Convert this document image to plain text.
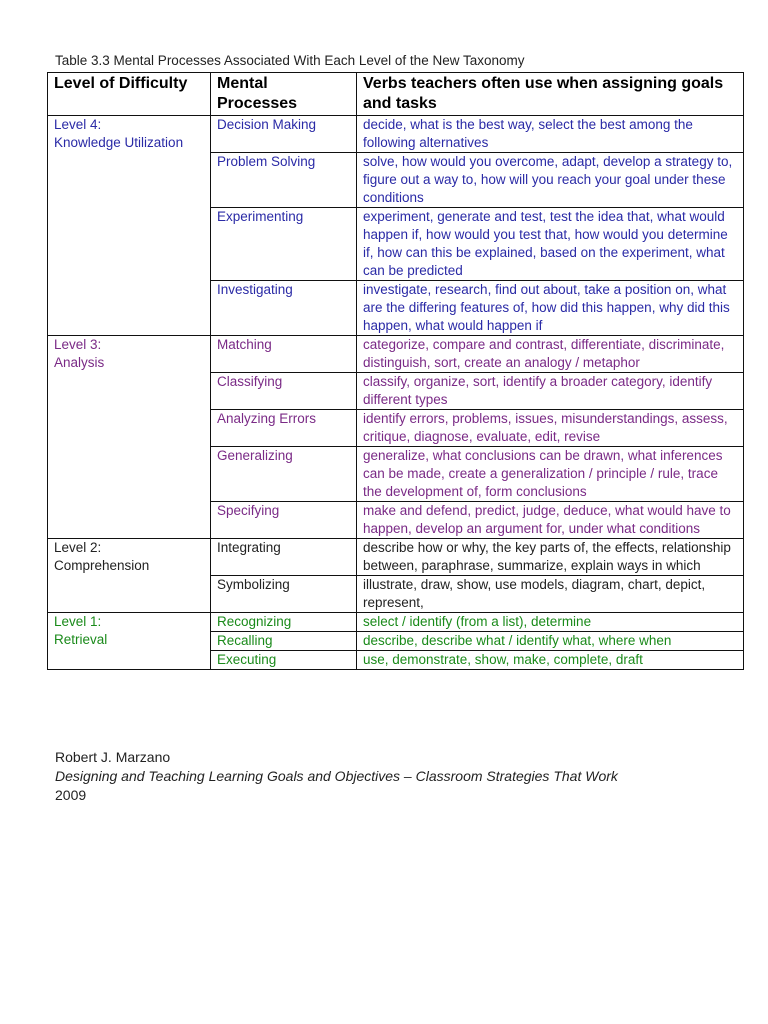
Table 3.3 Mental Processes Associated With Each Level of the New Taxonomy
Level of Difficulty	Mental Processes	Verbs teachers often use when assigning goals and tasks

Level 4:
Knowledge Utilization	Decision Making	decide, what is the best way, select the best among the following alternatives
	Problem Solving	solve, how would you overcome, adapt, develop a strategy to, figure out a way to, how will you reach your goal under these conditions
	Experimenting	experiment, generate and test, test the idea that, what would happen if, how would you test that, how would you determine if, how can this be explained, based on the experiment, what can be predicted
	Investigating	investigate, research, find out about, take a position on, what are the differing features of, how did this happen, why did this happen, what would happen if

Level 3:
Analysis	Matching	categorize, compare and contrast, differentiate, discriminate, distinguish, sort, create an analogy / metaphor
	Classifying	classify, organize, sort, identify a broader category, identify different types
	Analyzing Errors	identify errors, problems, issues, misunderstandings, assess, critique, diagnose, evaluate, edit, revise
	Generalizing	generalize, what conclusions can be drawn, what inferences can be made, create a generalization / principle / rule, trace the development of, form conclusions
	Specifying	make and defend, predict, judge, deduce, what would have to happen, develop an argument for, under what conditions

Level 2:
Comprehension	Integrating	describe how or why, the key parts of, the effects, relationship between, paraphrase, summarize, explain ways in which
	Symbolizing	illustrate, draw, show, use models, diagram, chart, depict, represent,

Level 1:
Retrieval	Recognizing	select / identify (from a list), determine
	Recalling	describe, describe what / identify what, where when
	Executing	use, demonstrate, show, make, complete, draft
Robert J. Marzano
Designing and Teaching Learning Goals and Objectives – Classroom Strategies That Work
2009
